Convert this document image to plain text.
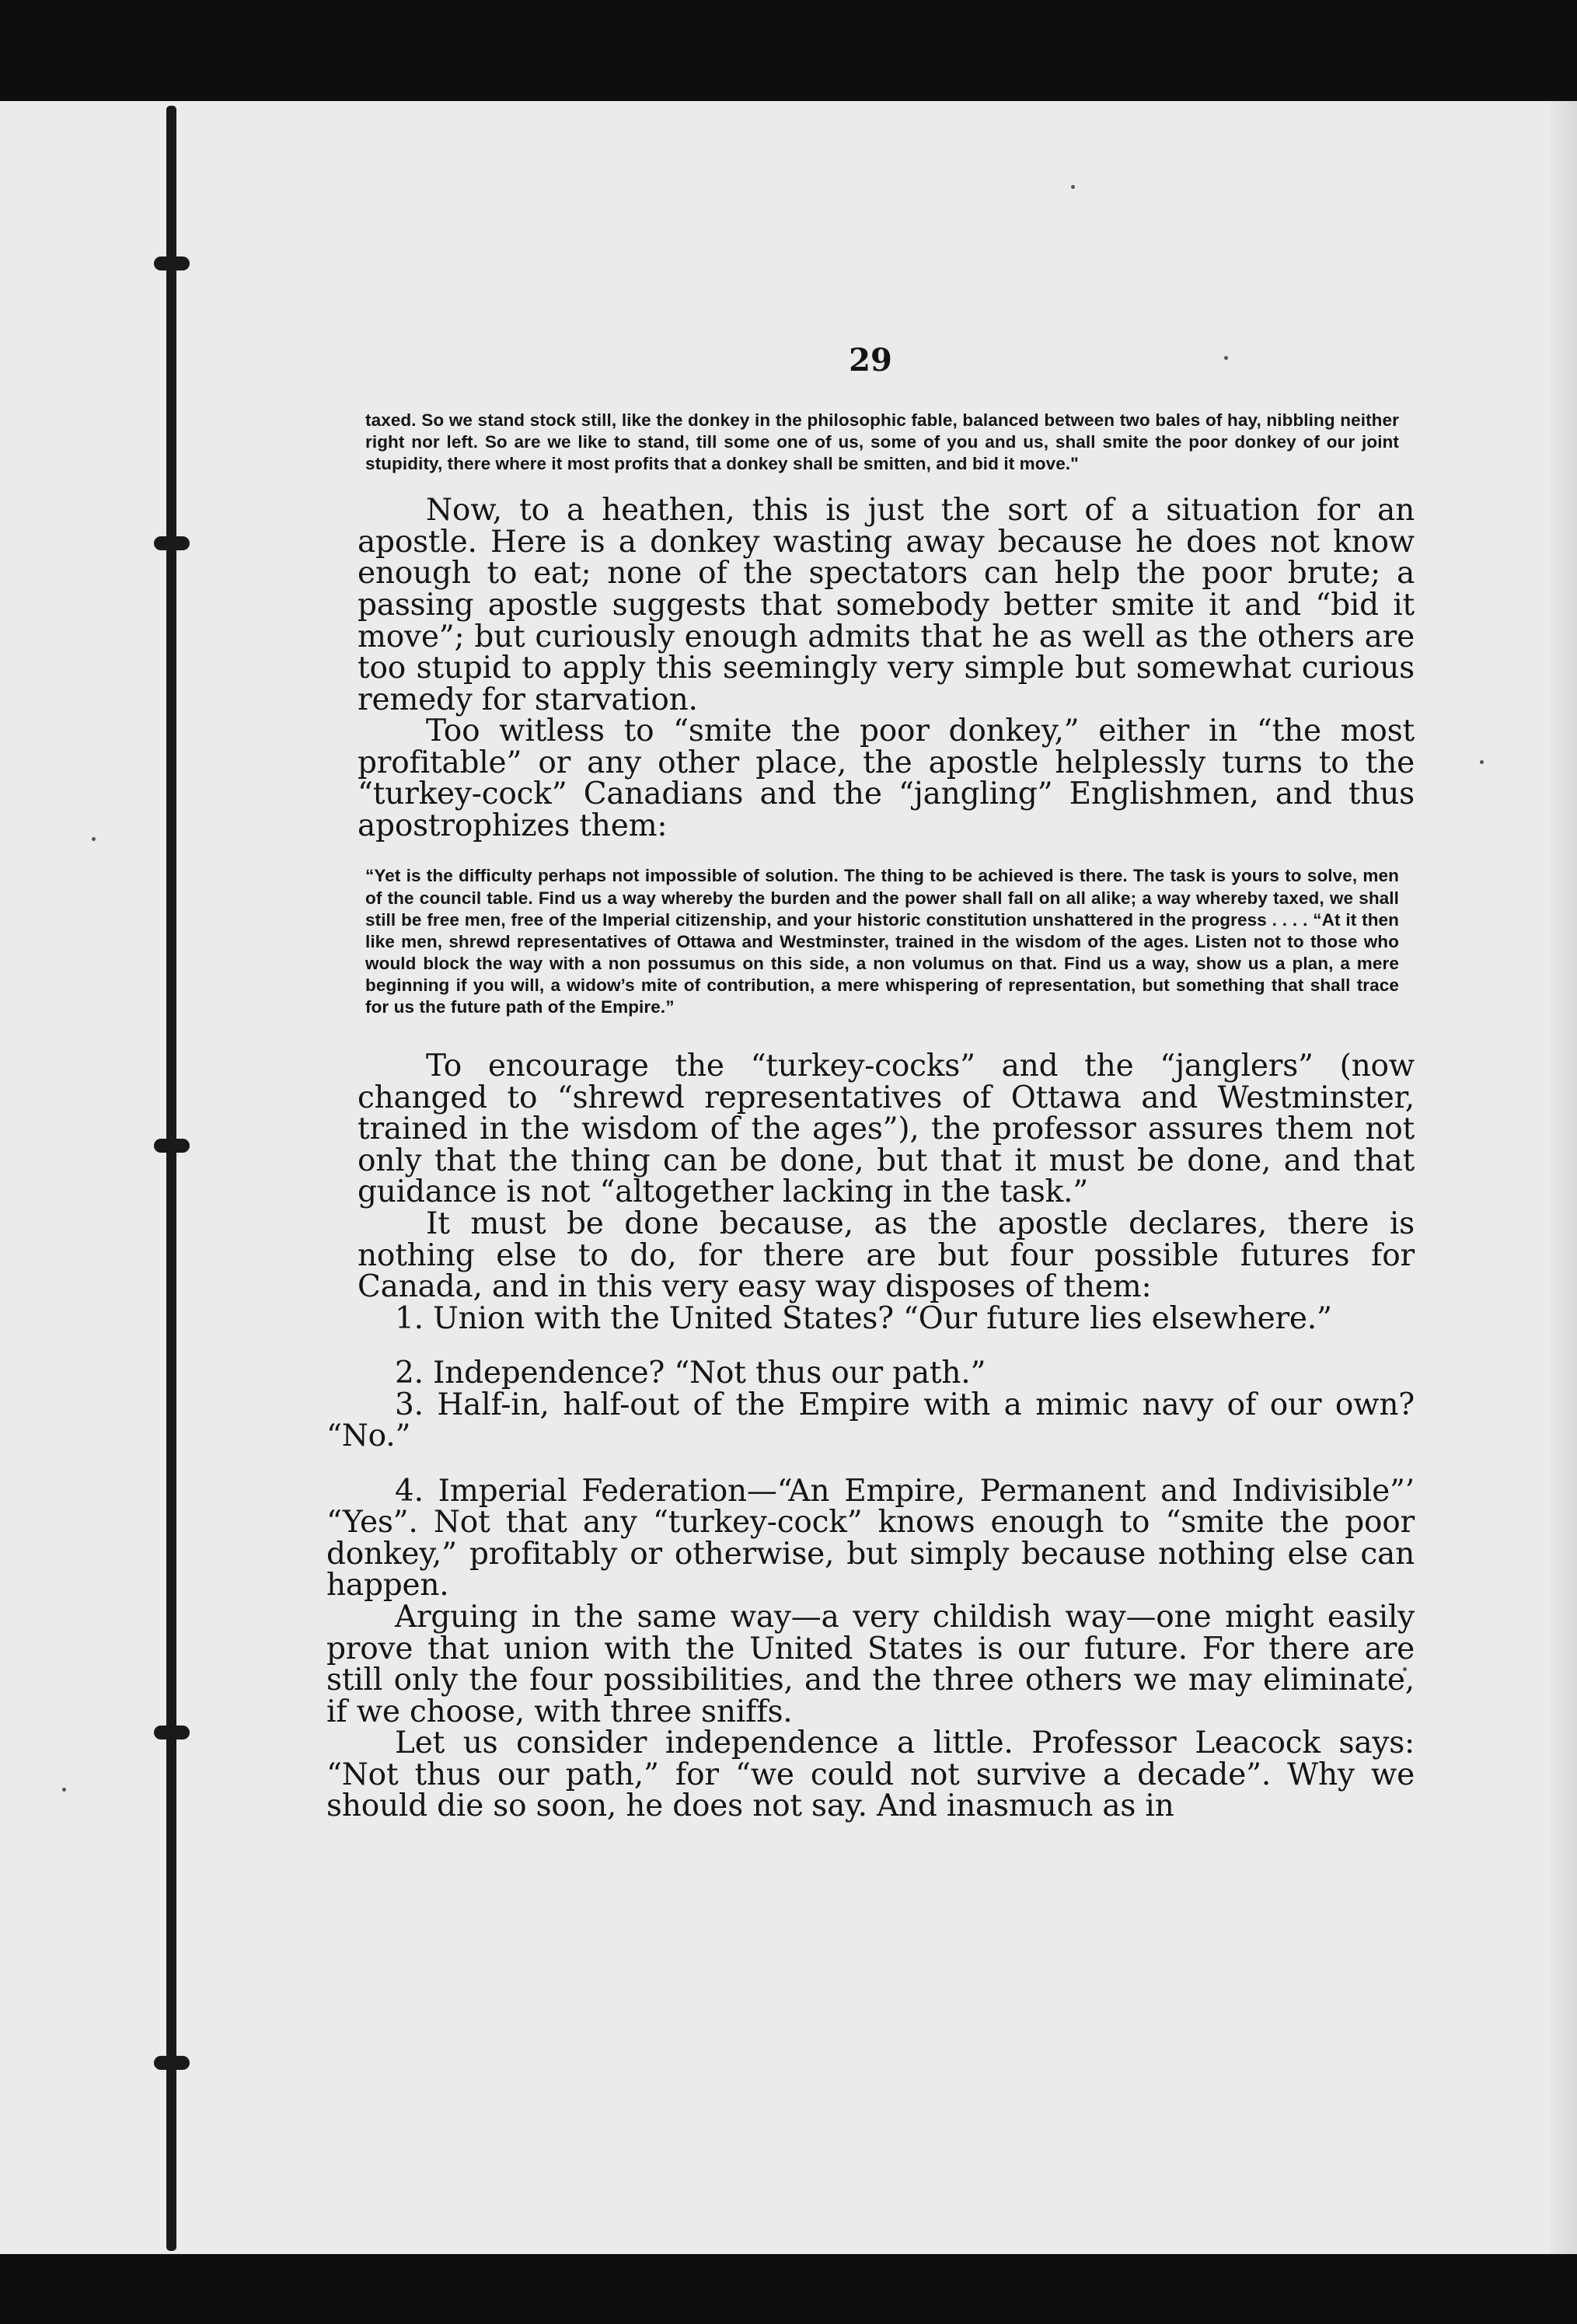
29

taxed. So we stand stock still, like the donkey in the philosophic fable, balanced between two bales of hay, nibbling neither right nor left. So are we like to stand, till some one of us, some of you and us, shall smite the poor donkey of our joint stupidity, there where it most profits that a donkey shall be smitten, and bid it move."

Now, to a heathen, this is just the sort of a situation for an apostle. Here is a donkey wasting away because he does not know enough to eat; none of the spectators can help the poor brute; a passing apostle suggests that somebody better smite it and “bid it move”; but curiously enough admits that he as well as the others are too stupid to apply this seemingly very simple but somewhat curious remedy for starvation.

Too witless to “smite the poor donkey,” either in “the most profitable” or any other place, the apostle helplessly turns to the “turkey-cock” Canadians and the “jangling” Englishmen, and thus apostrophizes them:

“Yet is the difficulty perhaps not impossible of solution. The thing to be achieved is there. The task is yours to solve, men of the council table. Find us a way whereby the burden and the power shall fall on all alike; a way whereby taxed, we shall still be free men, free of the Imperial citizenship, and your historic constitution unshattered in the progress . . . . “At it then like men, shrewd representatives of Ottawa and Westminster, trained in the wisdom of the ages. Listen not to those who would block the way with a non possumus on this side, a non volumus on that. Find us a way, show us a plan, a mere beginning if you will, a widow’s mite of contribution, a mere whispering of representation, but something that shall trace for us the future path of the Empire.”

To encourage the “turkey-cocks” and the “janglers” (now changed to “shrewd representatives of Ottawa and Westminster, trained in the wisdom of the ages”), the professor assures them not only that the thing can be done, but that it must be done, and that guidance is not “altogether lacking in the task.”

It must be done because, as the apostle declares, there is nothing else to do, for there are but four possible futures for Canada, and in this very easy way disposes of them:

1. Union with the United States? “Our future lies elsewhere.”

2. Independence? “Not thus our path.”

3. Half-in, half-out of the Empire with a mimic navy of our own? “No.”

4. Imperial Federation—“An Empire, Permanent and Indivisible”’ “Yes”. Not that any “turkey-cock” knows enough to “smite the poor donkey,” profitably or otherwise, but simply because nothing else can happen.

Arguing in the same way—a very childish way—one might easily prove that union with the United States is our future. For there are still only the four possibilities, and the three others we may eliminate, if we choose, with three sniffs.

Let us consider independence a little. Professor Leacock says: “Not thus our path,” for “we could not survive a decade”. Why we should die so soon, he does not say. And inasmuch as in
